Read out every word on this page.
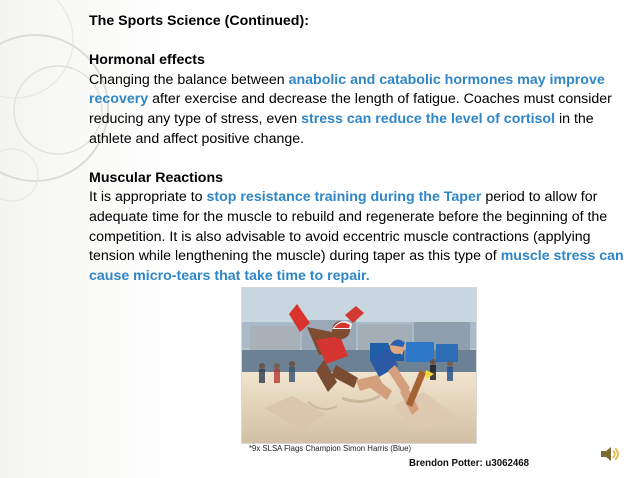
The Sports Science (Continued):
Hormonal effects

Changing the balance between anabolic and catabolic hormones may improve recovery after exercise and decrease the length of fatigue. Coaches must consider reducing any type of stress, even stress can reduce the level of cortisol in the athlete and affect positive change.

Muscular Reactions

It is appropriate to stop resistance training during the Taper period to allow for adequate time for the muscle to rebuild and regenerate before the beginning of the competition. It is also advisable to avoid eccentric muscle contractions (applying tension while lengthening the muscle) during taper as this type of muscle stress can cause micro-tears that take time to repair.

*9x SLSA Flags Champion Simon Harris (Blue)
Brendon Potter: u3062468
